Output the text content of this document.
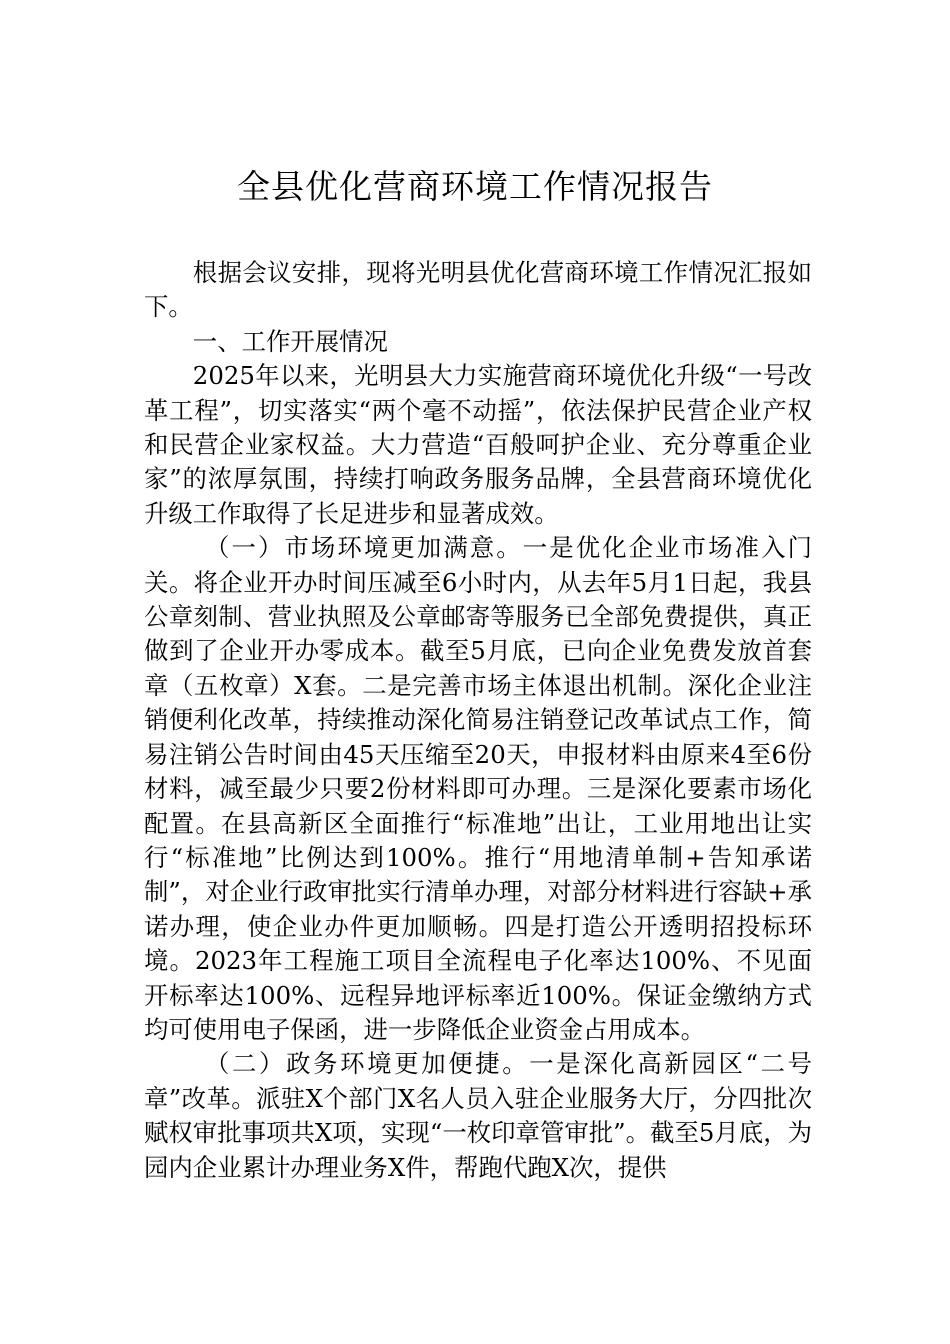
全县优化营商环境工作情况报告

根据会议安排，现将光明县优化营商环境工作情况汇报如下。

一、工作开展情况

2025年以来，光明县大力实施营商环境优化升级“一号改革工程”，切实落实“两个毫不动摇”，依法保护民营企业产权和民营企业家权益。大力营造“百般呵护企业、充分尊重企业家”的浓厚氛围，持续打响政务服务品牌，全县营商环境优化升级工作取得了长足进步和显著成效。

（一）市场环境更加满意。一是优化企业市场准入门关。将企业开办时间压减至6小时内，从去年5月1日起，我县公章刻制、营业执照及公章邮寄等服务已全部免费提供，真正做到了企业开办零成本。截至5月底，已向企业免费发放首套章（五枚章）X套。二是完善市场主体退出机制。深化企业注销便利化改革，持续推动深化简易注销登记改革试点工作，简易注销公告时间由45天压缩至20天，申报材料由原来4至6份材料，减至最少只要2份材料即可办理。三是深化要素市场化配置。在县高新区全面推行“标准地”出让，工业用地出让实行“标准地”比例达到100%。推行“用地清单制+告知承诺制”，对企业行政审批实行清单办理，对部分材料进行容缺+承诺办理，使企业办件更加顺畅。四是打造公开透明招投标环境。2023年工程施工项目全流程电子化率达100%、不见面开标率达100%、远程异地评标率近100%。保证金缴纳方式均可使用电子保函，进一步降低企业资金占用成本。

（二）政务环境更加便捷。一是深化高新园区“二号章”改革。派驻X个部门X名人员入驻企业服务大厅，分四批次赋权审批事项共X项，实现“一枚印章管审批”。截至5月底，为园内企业累计办理业务X件，帮跑代跑X次，提供
